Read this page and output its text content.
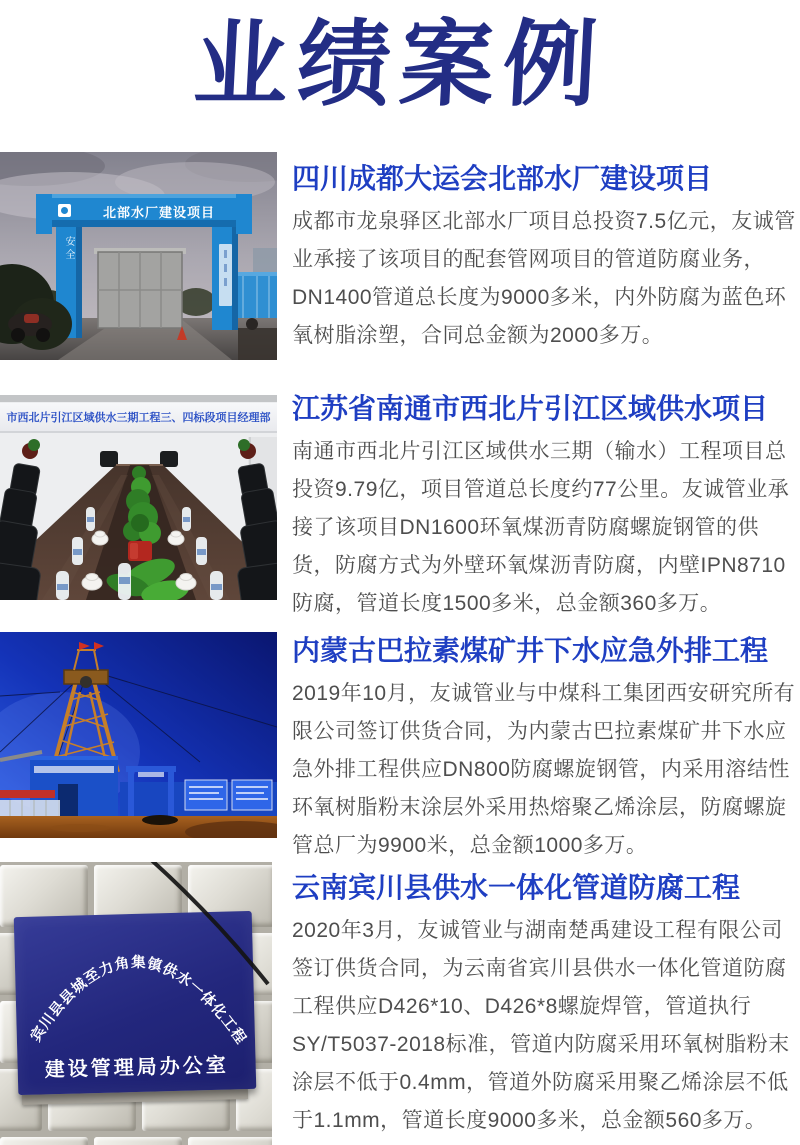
业绩案例
北部水厂建设项目
安全
四川成都大运会北部水厂建设项目

成都市龙泉驿区北部水厂项目总投资7.5亿元，友诚管业承接了该项目的配套管网项目的管道防腐业务，DN1400管道总长度为9000多米，内外防腐为蓝色环氧树脂涂塑，合同总金额为2000多万。

市西北片引江区域供水三期工程三、四标段项目经理部 江苏省南通市西北片引江区域供水项目

南通市西北片引江区域供水三期（输水）工程项目总投资9.79亿，项目管道总长度约77公里。友诚管业承接了该项目DN1600环氧煤沥青防腐螺旋钢管的供货，防腐方式为外壁环氧煤沥青防腐，内壁IPN8710防腐，管道长度1500多米，总金额360多万。

内蒙古巴拉素煤矿井下水应急外排工程

2019年10月，友诚管业与中煤科工集团西安研究所有限公司签订供货合同，为内蒙古巴拉素煤矿井下水应急外排工程供应DN800防腐螺旋钢管，内采用溶结性环氧树脂粉末涂层外采用热熔聚乙烯涂层，防腐螺旋管总厂为9900米，总金额1000多万。

宾川县县城至力角集镇供水一体化工程
建设管理局办公室
云南宾川县供水一体化管道防腐工程

2020年3月，友诚管业与湖南楚禹建设工程有限公司签订供货合同，为云南省宾川县供水一体化管道防腐工程供应D426*10、D426*8螺旋焊管，管道执行SY/T5037-2018标准，管道内防腐采用环氧树脂粉末涂层不低于0.4mm，管道外防腐采用聚乙烯涂层不低于1.1mm，管道长度9000多米，总金额560多万。
